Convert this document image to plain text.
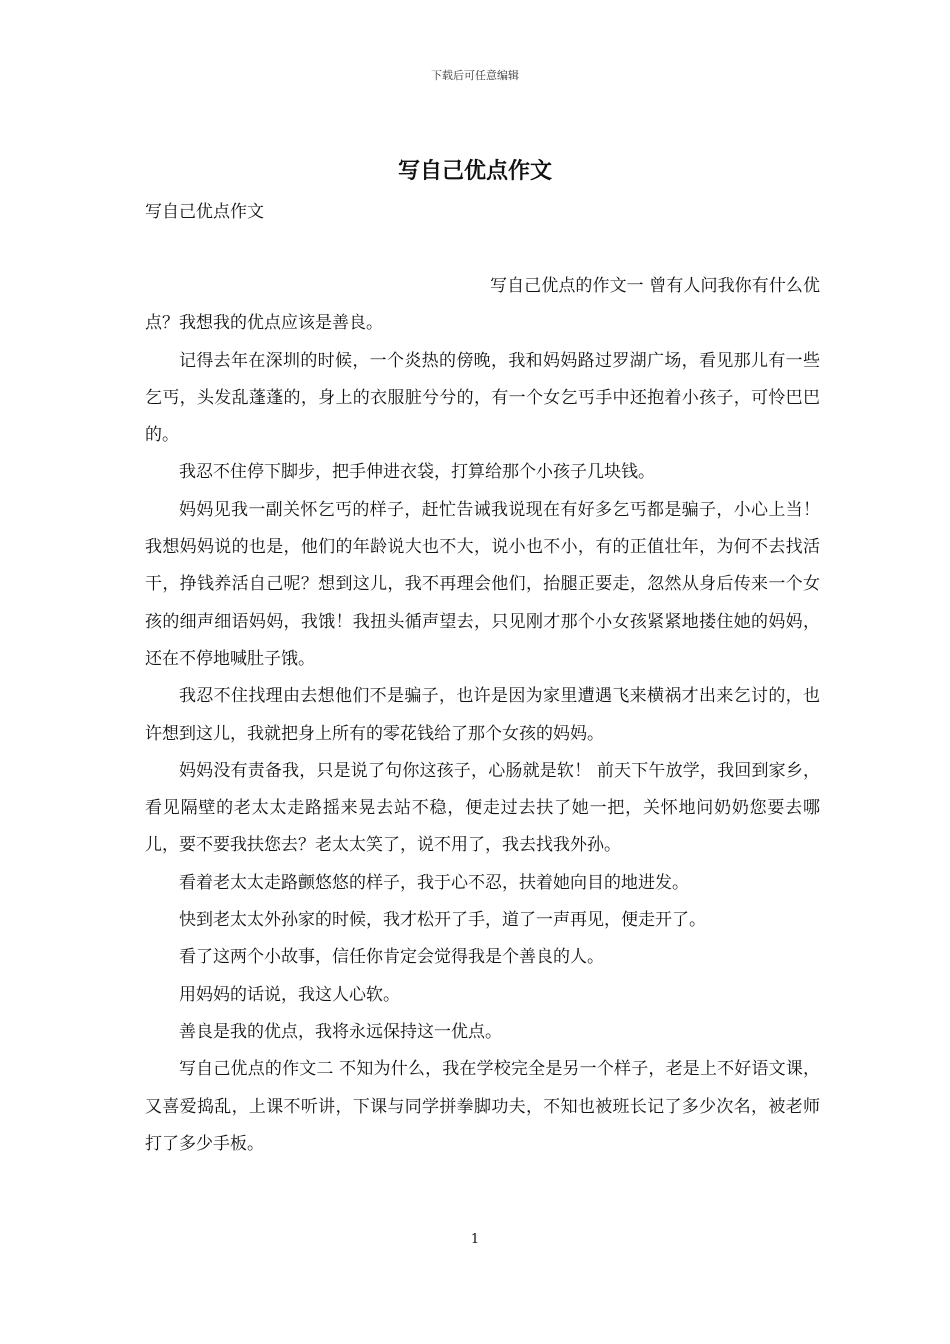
下载后可任意编辑
写自己优点作文
写自己优点作文

写自己优点的作文一 曾有人问我你有什么优点？我想我的优点应该是善良。

记得去年在深圳的时候，一个炎热的傍晚，我和妈妈路过罗湖广场，看见那儿有一些乞丐，头发乱蓬蓬的，身上的衣服脏兮兮的，有一个女乞丐手中还抱着小孩子，可怜巴巴的。

我忍不住停下脚步，把手伸进衣袋，打算给那个小孩子几块钱。

妈妈见我一副关怀乞丐的样子，赶忙告诫我说现在有好多乞丐都是骗子，小心上当！我想妈妈说的也是，他们的年龄说大也不大，说小也不小，有的正值壮年，为何不去找活干，挣钱养活自己呢？想到这儿，我不再理会他们，抬腿正要走，忽然从身后传来一个女孩的细声细语妈妈，我饿！我扭头循声望去，只见刚才那个小女孩紧紧地搂住她的妈妈，还在不停地喊肚子饿。

我忍不住找理由去想他们不是骗子，也许是因为家里遭遇飞来横祸才出来乞讨的，也许想到这儿，我就把身上所有的零花钱给了那个女孩的妈妈。

妈妈没有责备我，只是说了句你这孩子，心肠就是软！ 前天下午放学，我回到家乡，看见隔壁的老太太走路摇来晃去站不稳，便走过去扶了她一把，关怀地问奶奶您要去哪儿，要不要我扶您去？老太太笑了，说不用了，我去找我外孙。

看着老太太走路颤悠悠的样子，我于心不忍，扶着她向目的地进发。

快到老太太外孙家的时候，我才松开了手，道了一声再见，便走开了。

看了这两个小故事，信任你肯定会觉得我是个善良的人。

用妈妈的话说，我这人心软。

善良是我的优点，我将永远保持这一优点。

写自己优点的作文二 不知为什么，我在学校完全是另一个样子，老是上不好语文课，又喜爱捣乱，上课不听讲，下课与同学拼拳脚功夫，不知也被班长记了多少次名，被老师打了多少手板。

1
